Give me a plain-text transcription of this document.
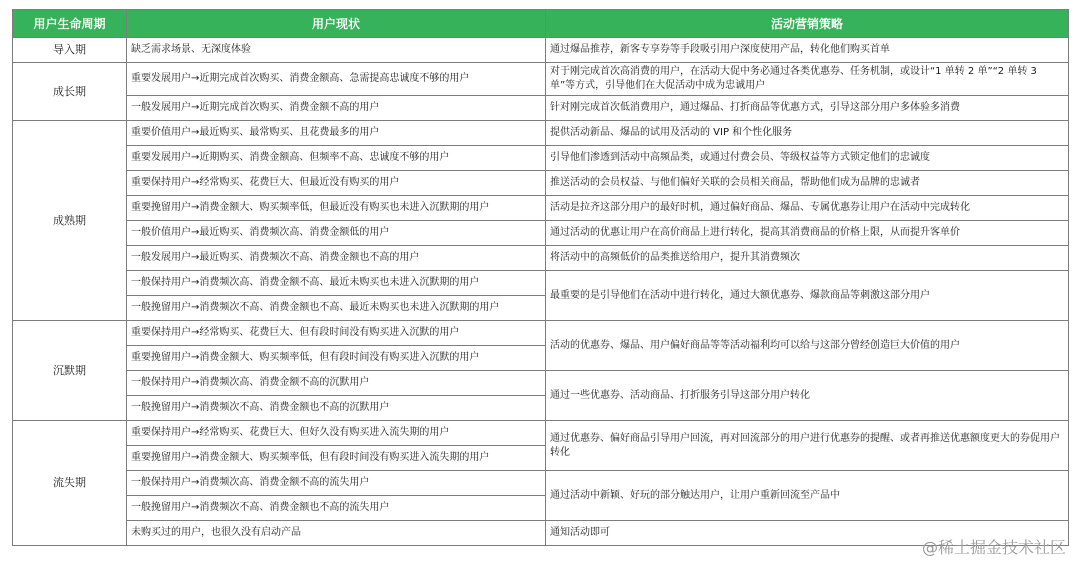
用户生命周期	用户现状	活动营销策略
导入期	缺乏需求场景、无深度体验	通过爆品推荐，新客专享券等手段吸引用户深度使用产品，转化他们购买首单
成长期	重要发展用户→近期完成首次购买、消费金额高、急需提高忠诚度不够的用户	对于刚完成首次高消费的用户，在活动大促中务必通过各类优惠券、任务机制，或设计“1 单转 2 单”“2 单转 3 单”等方式，引导他们在大促活动中成为忠诚用户
	一般发展用户→近期完成首次购买、消费金额不高的用户	针对刚完成首次低消费用户，通过爆品、打折商品等优惠方式，引导这部分用户多体验多消费
成熟期	重要价值用户→最近购买、最常购买、且花费最多的用户	提供活动新品、爆品的试用及活动的 VIP 和个性化服务
	重要发展用户→近期购买、消费金额高、但频率不高、忠诚度不够的用户	引导他们渗透到活动中高频品类，或通过付费会员、等级权益等方式锁定他们的忠诚度
	重要保持用户→经常购买、花费巨大、但最近没有购买的用户	推送活动的会员权益、与他们偏好关联的会员相关商品，帮助他们成为品牌的忠诚者
	重要挽留用户→消费金额大、购买频率低，但最近没有购买也未进入沉默期的用户	活动是拉齐这部分用户的最好时机，通过偏好商品、爆品、专属优惠券让用户在活动中完成转化
	一般价值用户→最近购买、消费频次高、消费金额低的用户	通过活动的优惠让用户在高价商品上进行转化，提高其消费商品的价格上限，从而提升客单价
	一般发展用户→最近购买、消费频次不高、消费金额也不高的用户	将活动中的高频低价的品类推送给用户，提升其消费频次
	一般保持用户→消费频次高、消费金额不高、最近未购买也未进入沉默期的用户	最重要的是引导他们在活动中进行转化，通过大额优惠券、爆款商品等刺激这部分用户
	一般挽留用户→消费频次不高、消费金额也不高、最近未购买也未进入沉默期的用户	
沉默期	重要保持用户→经常购买、花费巨大、但有段时间没有购买进入沉默的用户	活动的优惠券、爆品、用户偏好商品等等活动福利均可以给与这部分曾经创造巨大价值的用户
	重要挽留用户→消费金额大、购买频率低，但有段时间没有购买进入沉默的用户	
	一般保持用户→消费频次高、消费金额不高的沉默用户	通过一些优惠券、活动商品、打折服务引导这部分用户转化
	一般挽留用户→消费频次不高、消费金额也不高的沉默用户	
流失期	重要保持用户→经常购买、花费巨大、但好久没有购买进入流失期的用户	通过优惠券、偏好商品引导用户回流，再对回流部分的用户进行优惠券的提醒、或者再推送优惠额度更大的券促用户转化
	重要挽留用户→消费金额大、购买频率低，但有段时间没有购买进入流失期的用户	
	一般保持用户→消费频次高、消费金额不高的流失用户	通过活动中新颖、好玩的部分触达用户，让用户重新回流至产品中
	一般挽留用户→消费频次不高、消费金额也不高的流失用户	
	未购买过的用户，也很久没有启动产品	通知活动即可
@稀土掘金技术社区
